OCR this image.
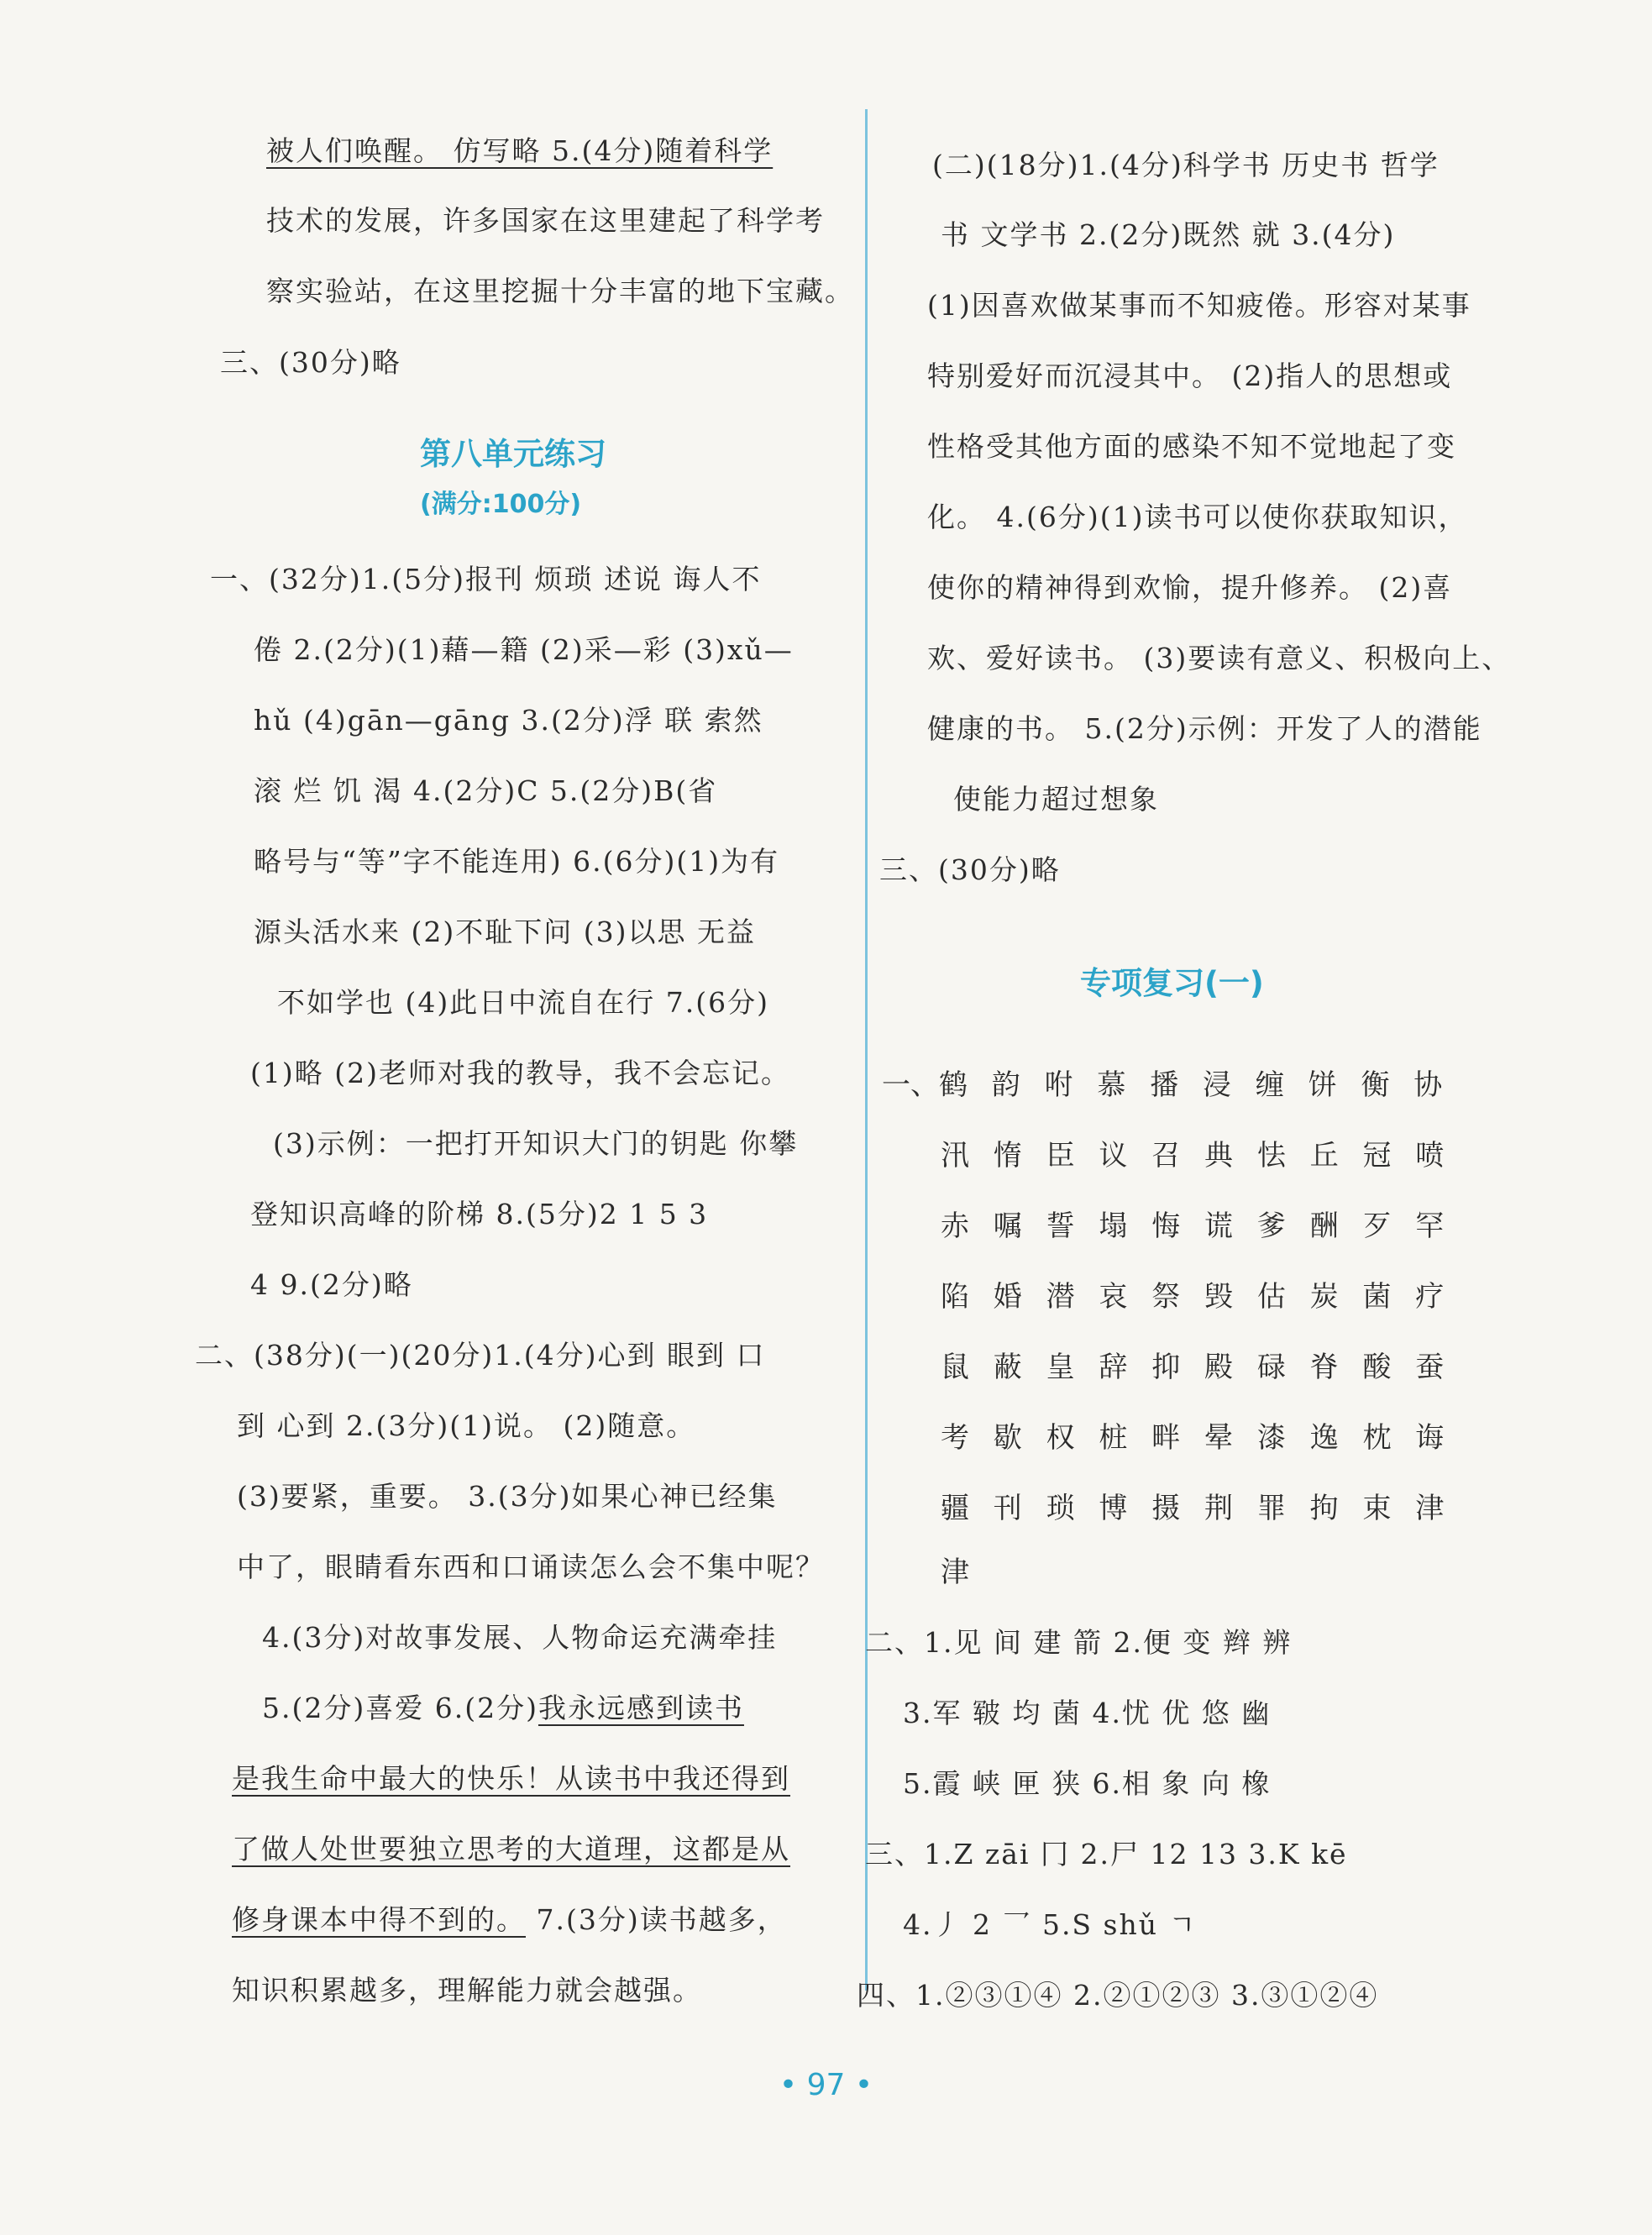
被人们唤醒。 仿写略 5.(4分)随着科学
技术的发展，许多国家在这里建起了科学考
察实验站，在这里挖掘十分丰富的地下宝藏。
三、(30分)略
第八单元练习
(满分:100分)
一、(32分)1.(5分)报刊 烦琐 述说 诲人不
倦 2.(2分)(1)藉—籍 (2)采—彩 (3)xǔ—
hǔ (4)gān—gāng 3.(2分)浮 联 索然
滚 烂 饥 渴 4.(2分)C 5.(2分)B(省
略号与“等”字不能连用) 6.(6分)(1)为有
源头活水来 (2)不耻下问 (3)以思 无益
不如学也 (4)此日中流自在行 7.(6分)
(1)略 (2)老师对我的教导，我不会忘记。
(3)示例：一把打开知识大门的钥匙 你攀
登知识高峰的阶梯 8.(5分)2 1 5 3
4 9.(2分)略
二、(38分)(一)(20分)1.(4分)心到 眼到 口
到 心到 2.(3分)(1)说。 (2)随意。
(3)要紧，重要。 3.(3分)如果心神已经集
中了，眼睛看东西和口诵读怎么会不集中呢？
4.(3分)对故事发展、人物命运充满牵挂
5.(2分)喜爱 6.(2分)我永远感到读书
是我生命中最大的快乐！从读书中我还得到
了做人处世要独立思考的大道理，这都是从
修身课本中得不到的。 7.(3分)读书越多，
知识积累越多，理解能力就会越强。
(二)(18分)1.(4分)科学书 历史书 哲学
书 文学书 2.(2分)既然 就 3.(4分)
(1)因喜欢做某事而不知疲倦。形容对某事
特别爱好而沉浸其中。 (2)指人的思想或
性格受其他方面的感染不知不觉地起了变
化。 4.(6分)(1)读书可以使你获取知识，
使你的精神得到欢愉，提升修养。 (2)喜
欢、爱好读书。 (3)要读有意义、积极向上、
健康的书。 5.(2分)示例：开发了人的潜能
使能力超过想象
三、(30分)略
专项复习(一)
一、鹤 韵 咐 慕 播 浸 缠 饼 衡 协
汛 惰 臣 议 召 典 怯 丘 冠 喷
赤 嘱 誓 塌 悔 谎 爹 酬 歹 罕
陷 婚 潜 哀 祭 毁 估 炭 菌 疗
鼠 蔽 皇 辞 抑 殿 碌 脊 酸 蚕
考 歇 权 桩 畔 晕 漆 逸 枕 诲
疆 刊 琐 博 摄 荆 罪 拘 束 津
津
二、1.见 间 建 箭 2.便 变 辫 辨
3.军 皲 均 菌 4.忧 优 悠 幽
5.霞 峡 匣 狭 6.相 象 向 橡
三、1.Z zāi 冂 2.尸 12 13 3.K kē
4.丿 2 乛 5.S shǔ ㄱ
四、1.②③①④ 2.②①②③ 3.③①②④
• 97 •
